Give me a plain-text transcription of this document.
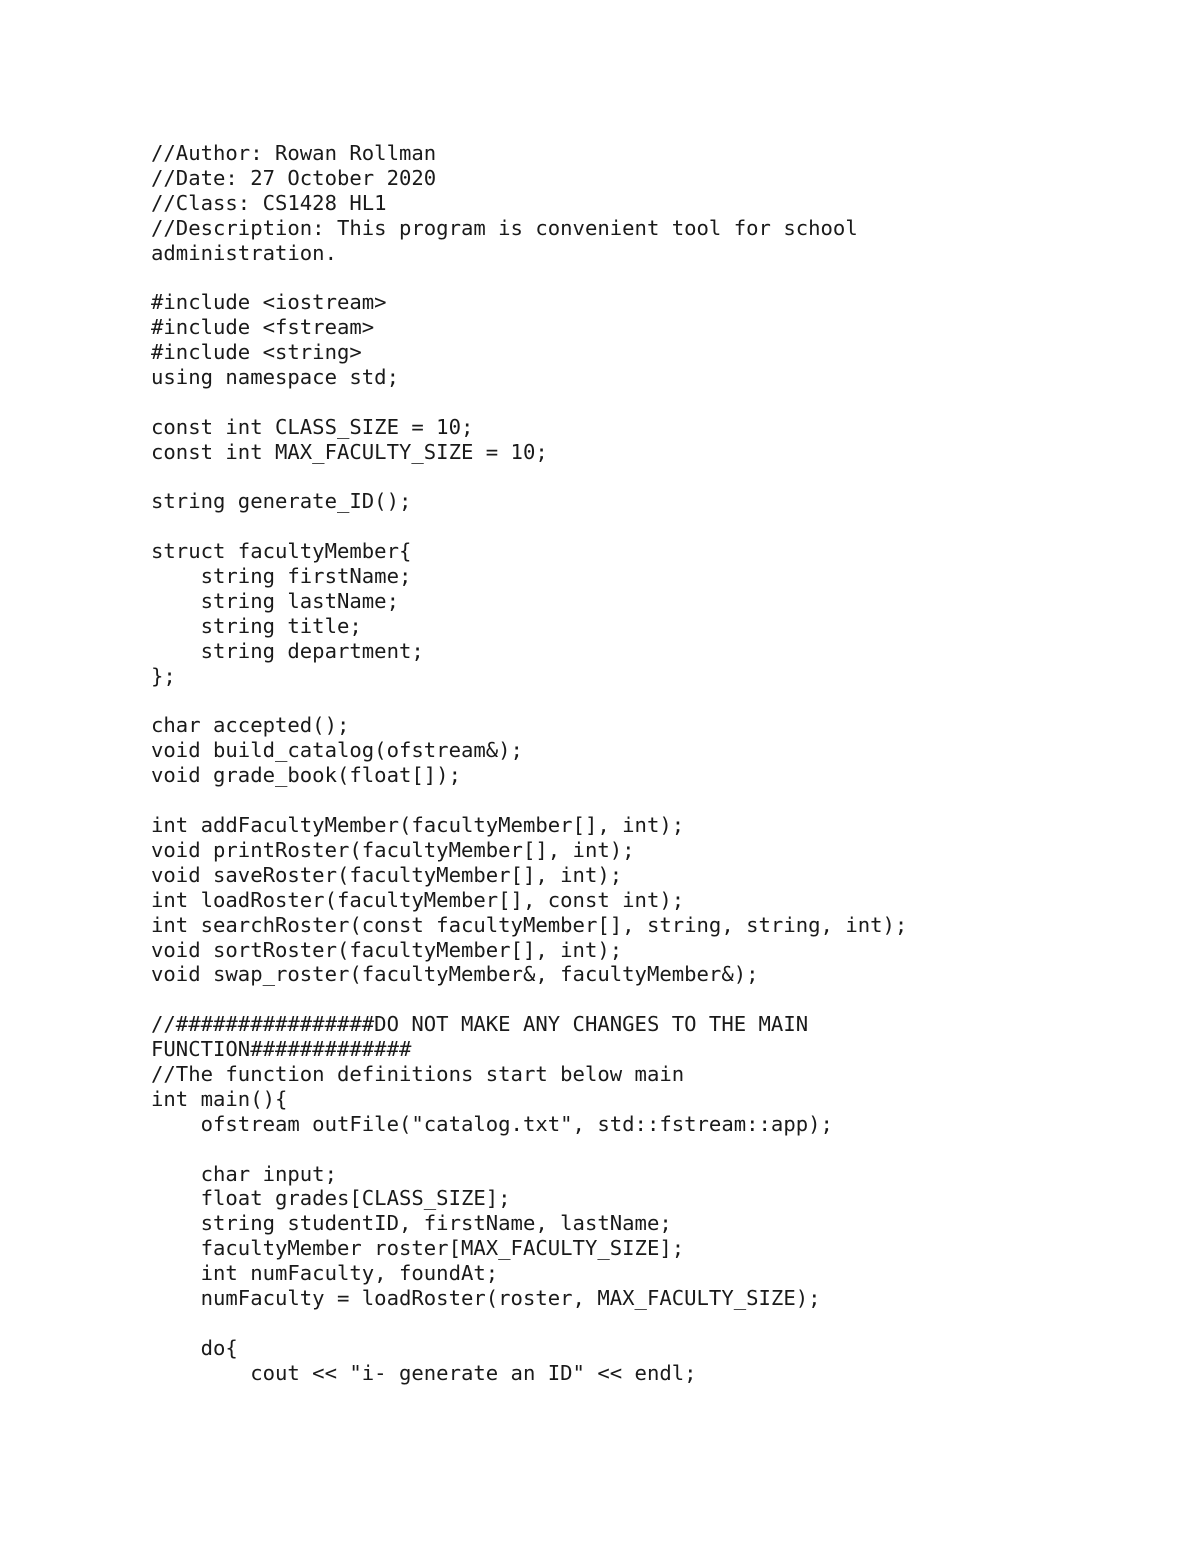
//Author: Rowan Rollman
//Date: 27 October 2020
//Class: CS1428 HL1
//Description: This program is convenient tool for school
administration.
#include <iostream>
#include <fstream>
#include <string>
using namespace std;
const int CLASS_SIZE = 10;
const int MAX_FACULTY_SIZE = 10;
string generate_ID();
struct facultyMember{
string firstName;
string lastName;
string title;
string department;
};
char accepted();
void build_catalog(ofstream&);
void grade_book(float[]);
int addFacultyMember(facultyMember[], int);
void printRoster(facultyMember[], int);
void saveRoster(facultyMember[], int);
int loadRoster(facultyMember[], const int);
int searchRoster(const facultyMember[], string, string, int);
void sortRoster(facultyMember[], int);
void swap_roster(facultyMember&, facultyMember&);
//################DO NOT MAKE ANY CHANGES TO THE MAIN
FUNCTION#############
//The function definitions start below main
int main(){
ofstream outFile("catalog.txt", std::fstream::app);
char input;
float grades[CLASS_SIZE];
string studentID, firstName, lastName;
facultyMember roster[MAX_FACULTY_SIZE];
int numFaculty, foundAt;
numFaculty = loadRoster(roster, MAX_FACULTY_SIZE);
do{
cout << "i- generate an ID" << endl;
